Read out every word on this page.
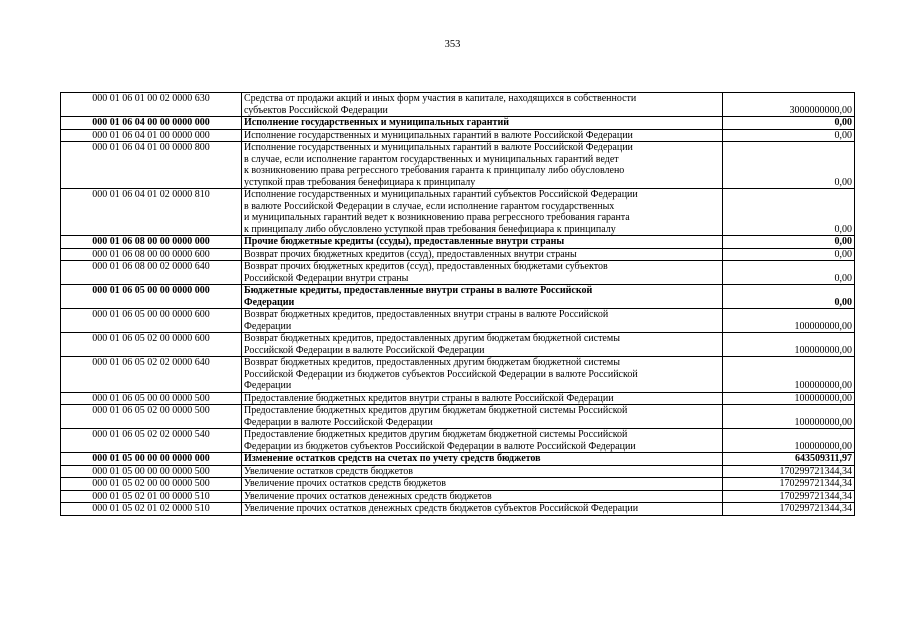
353
000 01 06 01 00 02 0000 630	Средства от продажи акций и иных форм участия в капитале, находящихся в собственности
субъектов Российской Федерации	3000000000,00
000 01 06 04 00 00 0000 000	Исполнение государственных и муниципальных гарантий	0,00
000 01 06 04 01 00 0000 000	Исполнение государственных и муниципальных гарантий в валюте Российской Федерации	0,00
000 01 06 04 01 00 0000 800	Исполнение государственных и муниципальных гарантий в валюте Российской Федерации
в случае, если исполнение гарантом государственных и муниципальных гарантий ведет
к возникновению права регрессного требования гаранта к принципалу либо обусловлено
уступкой прав требования бенефициара к принципалу	0,00
000 01 06 04 01 02 0000 810	Исполнение государственных и муниципальных гарантий субъектов Российской Федерации
в валюте Российской Федерации в случае, если исполнение гарантом государственных
и муниципальных гарантий ведет к возникновению права регрессного требования гаранта
к принципалу либо обусловлено уступкой прав требования бенефициара к принципалу	0,00
000 01 06 08 00 00 0000 000	Прочие бюджетные кредиты (ссуды), предоставленные внутри страны	0,00
000 01 06 08 00 00 0000 600	Возврат прочих бюджетных кредитов (ссуд), предоставленных внутри страны	0,00
000 01 06 08 00 02 0000 640	Возврат прочих бюджетных кредитов (ссуд), предоставленных бюджетами субъектов
Российской Федерации внутри страны	0,00
000 01 06 05 00 00 0000 000	Бюджетные кредиты, предоставленные внутри страны в валюте Российской
Федерации	0,00
000 01 06 05 00 00 0000 600	Возврат бюджетных кредитов, предоставленных внутри страны в валюте Российской
Федерации	100000000,00
000 01 06 05 02 00 0000 600	Возврат бюджетных кредитов, предоставленных другим бюджетам бюджетной системы
Российской Федерации в валюте Российской Федерации	100000000,00
000 01 06 05 02 02 0000 640	Возврат бюджетных кредитов, предоставленных другим бюджетам бюджетной системы
Российской Федерации из бюджетов субъектов Российской Федерации в валюте Российской
Федерации	100000000,00
000 01 06 05 00 00 0000 500	Предоставление бюджетных кредитов внутри страны в валюте Российской Федерации	100000000,00
000 01 06 05 02 00 0000 500	Предоставление бюджетных кредитов другим бюджетам бюджетной системы Российской
Федерации в валюте Российской Федерации	100000000,00
000 01 06 05 02 02 0000 540	Предоставление бюджетных кредитов другим бюджетам бюджетной системы Российской
Федерации из бюджетов субъектов Российской Федерации в валюте Российской Федерации	100000000,00
000 01 05 00 00 00 0000 000	Изменение остатков средств на счетах по учету средств бюджетов	643509311,97
000 01 05 00 00 00 0000 500	Увеличение остатков средств бюджетов	170299721344,34
000 01 05 02 00 00 0000 500	Увеличение прочих остатков средств бюджетов	170299721344,34
000 01 05 02 01 00 0000 510	Увеличение прочих остатков денежных средств бюджетов	170299721344,34
000 01 05 02 01 02 0000 510	Увеличение прочих остатков денежных средств бюджетов субъектов Российской Федерации	170299721344,34
